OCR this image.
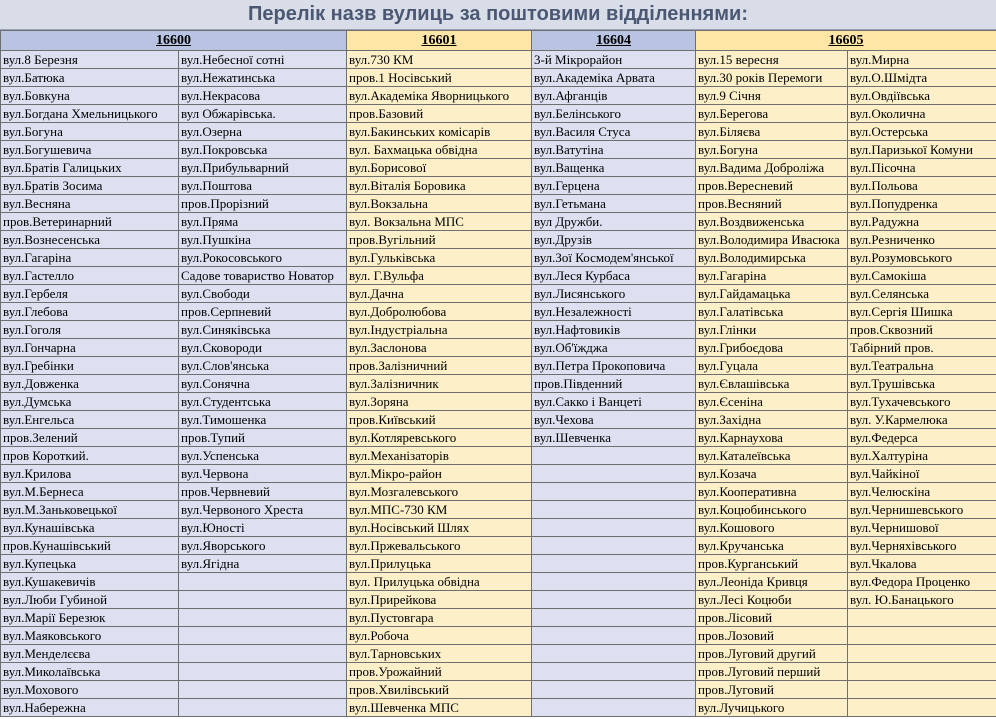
Перелік назв вулиць за поштовими відділеннями:
16600		16601	16604	16605	
вул.8 Березня	вул.Небесної сотні	вул.730 КМ	3-й Мікрорайон	вул.15 вересня	вул.Мирна
вул.Батюка	вул.Нежатинська	пров.1 Носівський	вул.Академіка Арвата	вул.30 років Перемоги	вул.О.Шмідта
вул.Бовкуна	вул.Некрасова	вул.Академіка Яворницького	вул.Афганців	вул.9 Січня	вул.Овдіївська
вул.Богдана Хмельницького	вул Обжарівська.	пров.Базовий	вул.Белінського	вул.Берегова	вул.Околична
вул.Богуна	вул.Озерна	вул.Бакинських комісарів	вул.Василя Стуса	вул.Біляєва	вул.Остерська
вул.Богушевича	вул.Покровська	вул. Бахмацька обвідна	вул.Ватутіна	вул.Богуна	вул.Паризької Комуни
вул.Братів Галицьких	вул.Прибульварний	вул.Борисової	вул.Ващенка	вул.Вадима Добролiжа	вул.Пісочна
вул.Братів Зосима	вул.Поштова	вул.Віталія Боровика	вул.Герцена	пров.Вересневий	вул.Польова
вул.Весняна	пров.Прорізний	вул.Вокзальна	вул.Гетьмана	пров.Весняний	вул.Попудренка
пров.Ветеринарний	вул.Пряма	вул. Вокзальна МПС	вул Дружби.	вул.Воздвиженська	вул.Радужна
вул.Вознесенська	вул.Пушкіна	пров.Вугільний	вул.Друзів	вул.Володимира Ивасюка	вул.Резниченко
вул.Гагаріна	вул.Рокосовського	вул.Гульківська	вул.Зої Космодем'янської	вул.Володимирська	вул.Розумовського
вул.Гастелло	Садове товариство Новатор	вул. Г.Вульфа	вул.Леся Курбаса	вул.Гагаріна	вул.Самокіша
вул.Гербеля	вул.Свободи	вул.Дачна	вул.Лисянського	вул.Гайдамацька	вул.Селянська
вул.Глебова	пров.Серпневий	вул.Добролюбова	вул.Незалежності	вул.Галатівська	вул.Сергія Шишка
вул.Гоголя	вул.Синяківська	вул.Індустріальна	вул.Нафтовиків	вул.Глінки	пров.Сквозний
вул.Гончарна	вул.Сковороди	вул.Заслонова	вул.Об'їжджа	вул.Грибоєдова	Табірний пров.
вул.Гребінки	вул.Слов'янська	пров.Залізничний	вул.Петра Прокоповича	вул.Гуцала	вул.Театральна
вул.Довженка	вул.Сонячна	вул.Залізничник	пров.Південний	вул.Євлашівська	вул.Трушівська
вул.Думська	вул.Студентська	вул.Зоряна	вул.Сакко і Ванцеті	вул.Єсеніна	вул.Тухачевського
вул.Енгельса	вул.Тимошенка	пров.Київський	вул.Чехова	вул.Західна	вул. У.Кармелюка
пров.Зелений	пров.Тупий	вул.Котляревського	вул.Шевченка	вул.Карнаухова	вул.Федерса
пров Короткий.	вул.Успенська	вул.Механізаторів		вул.Каталеївська	вул.Халтуріна
вул.Крилова	вул.Червона	вул.Мікро-район		вул.Козача	вул.Чайкіної
вул.М.Бернеса	пров.Червневий	вул.Мозгалевського		вул.Кооперативна	вул.Челюскіна
вул.М.Заньковецької	вул.Червоного Хреста	вул.МПС-730 КМ		вул.Коцюбинського	вул.Чернишевського
вул.Кунашівська	вул.Юності	вул.Носівський Шлях		вул.Кошового	вул.Чернишової
пров.Кунашівський	вул.Яворського	вул.Пржевальського		вул.Кручанська	вул.Черняхівського
вул.Купецька	вул.Ягідна	вул.Прилуцька		пров.Курганський	вул.Чкалова
вул.Кушакевичів		вул. Прилуцька обвідна		вул.Леоніда Кривця	вул.Федора Проценко
вул.Люби Губиной		вул.Прирейкова		вул.Лесі Коцюби	вул. Ю.Банацького
вул.Марії Березюк		вул.Пустовгара		пров.Лісовий	
вул.Маяковського		вул.Робоча		пров.Лозовий	
вул.Менделєєва		вул.Тарновських		пров.Луговий другий	
вул.Миколаївська		пров.Урожайний		пров.Луговий перший	
вул.Мохового		пров.Хвилівський		пров.Луговий	
вул.Набережна		вул.Шевченка МПС		вул.Лучицького	
